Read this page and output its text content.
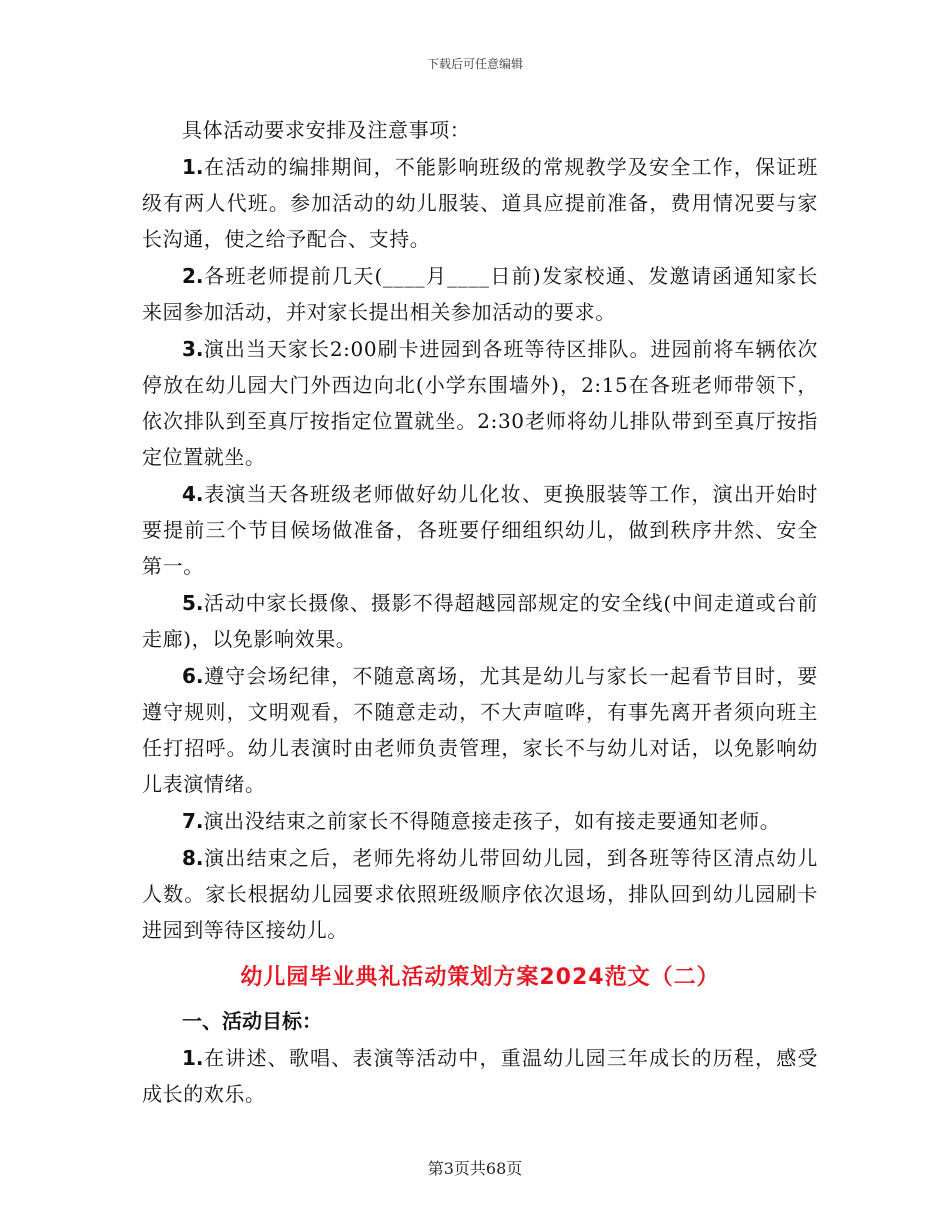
下载后可任意编辑

具体活动要求安排及注意事项：

1.在活动的编排期间，不能影响班级的常规教学及安全工作，保证班级有两人代班。参加活动的幼儿服装、道具应提前准备，费用情况要与家长沟通，使之给予配合、支持。

2.各班老师提前几天(____月____日前)发家校通、发邀请函通知家长来园参加活动，并对家长提出相关参加活动的要求。

3.演出当天家长2:00刷卡进园到各班等待区排队。进园前将车辆依次停放在幼儿园大门外西边向北(小学东围墙外)，2:15在各班老师带领下，依次排队到至真厅按指定位置就坐。2:30老师将幼儿排队带到至真厅按指定位置就坐。

4.表演当天各班级老师做好幼儿化妆、更换服装等工作，演出开始时要提前三个节目候场做准备，各班要仔细组织幼儿，做到秩序井然、安全第一。

5.活动中家长摄像、摄影不得超越园部规定的安全线(中间走道或台前走廊)，以免影响效果。

6.遵守会场纪律，不随意离场，尤其是幼儿与家长一起看节目时，要遵守规则，文明观看，不随意走动，不大声喧哗，有事先离开者须向班主任打招呼。幼儿表演时由老师负责管理，家长不与幼儿对话，以免影响幼儿表演情绪。

7.演出没结束之前家长不得随意接走孩子，如有接走要通知老师。

8.演出结束之后，老师先将幼儿带回幼儿园，到各班等待区清点幼儿人数。家长根据幼儿园要求依照班级顺序依次退场，排队回到幼儿园刷卡进园到等待区接幼儿。

幼儿园毕业典礼活动策划方案2024范文（二）

一、活动目标：

1.在讲述、歌唱、表演等活动中，重温幼儿园三年成长的历程，感受成长的欢乐。

第3页共68页
